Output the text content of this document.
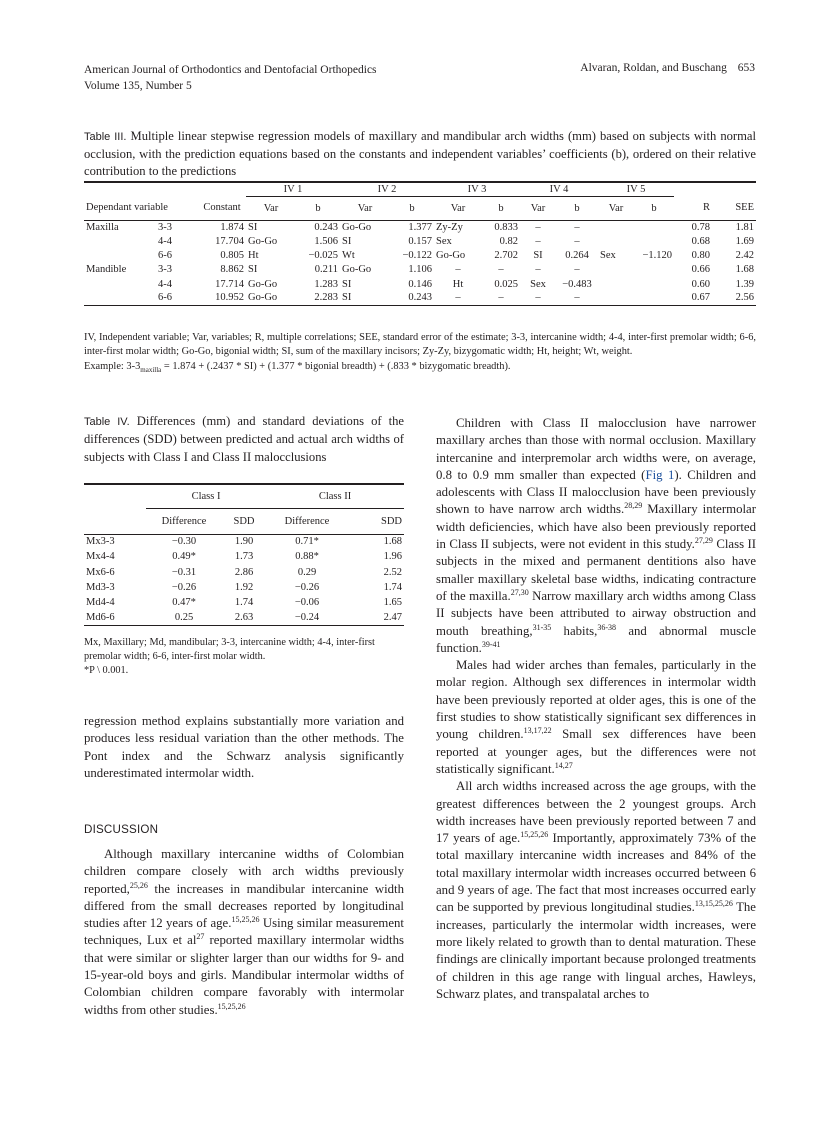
American Journal of Orthodontics and Dentofacial Orthopedics
Volume 135, Number 5
Alvaran, Roldan, and Buschang 653
Table III. Multiple linear stepwise regression models of maxillary and mandibular arch widths (mm) based on subjects with normal occlusion, with the prediction equations based on the constants and independent variables’ coefficients (b), ordered on their relative contribution to the predictions
			IV 1		IV 2		IV 3		IV 4		IV 5			
Dependant variable		Constant	Var	b	Var	b	Var	b	Var	b	Var	b	R	SEE
Maxilla	3-3	1.874	SI	0.243	Go-Go	1.377	Zy-Zy	0.833	–	–			0.78	1.81
	4-4	17.704	Go-Go	1.506	SI	0.157	Sex	0.82	–	–			0.68	1.69
	6-6	0.805	Ht	−0.025	Wt	−0.122	Go-Go	2.702	SI	0.264	Sex	−1.120	0.80	2.42
Mandible	3-3	8.862	SI	0.211	Go-Go	1.106	–	–	–	–			0.66	1.68
	4-4	17.714	Go-Go	1.283	SI	0.146	Ht	0.025	Sex	−0.483			0.60	1.39
	6-6	10.952	Go-Go	2.283	SI	0.243	–	–	–	–			0.67	2.56
IV, Independent variable; Var, variables; R, multiple correlations; SEE, standard error of the estimate; 3-3, intercanine width; 4-4, inter-first premolar width; 6-6, inter-first molar width; Go-Go, bigonial width; SI, sum of the maxillary incisors; Zy-Zy, bizygomatic width; Ht, height; Wt, weight.
Example: $3-3_{maxilla} = 1.874 + (.2437 * SI) + (1.377$ * bigonial breadth) + (.833 * bizygomatic breadth).
Table IV. Differences (mm) and standard deviations of the differences (SDD) between predicted and actual arch widths of subjects with Class I and Class II malocclusions
	Class I		Class II	
	Difference	SDD	Difference	SDD
Mx3-3	−0.30	1.90	0.71*	1.68
Mx4-4	0.49*	1.73	0.88*	1.96
Mx6-6	−0.31	2.86	0.29	2.52
Md3-3	−0.26	1.92	−0.26	1.74
Md4-4	0.47*	1.74	−0.06	1.65
Md6-6	0.25	2.63	−0.24	2.47
Mx, Maxillary; Md, mandibular; 3-3, intercanine width; 4-4, inter-first premolar width; 6-6, inter-first molar width.
*P \ 0.001.

regression method explains substantially more variation and produces less residual variation than the other methods. The Pont index and the Schwarz analysis significantly underestimated intermolar width.

DISCUSSION

Although maxillary intercanine widths of Colombian children compare closely with arch widths previously reported,$^{25,26}$ the increases in mandibular intercanine width differed from the small decreases reported by longitudinal studies after 12 years of age.$^{15,25,26}$ Using similar measurement techniques, Lux et $al^{27}$ reported maxillary intermolar widths that were similar or slighter larger than our widths for 9- and 15-year-old boys and girls. Mandibular intermolar widths of Colombian children compare favorably with intermolar widths from other studies.$^{15,25,26}$

Children with Class II malocclusion have narrower maxillary arches than those with normal occlusion. Maxillary intercanine and interpremolar arch widths were, on average, 0.8 to 0.9 mm smaller than expected (Fig 1). Children and adolescents with Class II malocclusion have been previously shown to have narrow arch widths.$^{28,29}$ Maxillary intermolar width deficiencies, which have also been previously reported in Class II subjects, were not evident in this study.$^{27,29}$ Class II subjects in the mixed and permanent dentitions also have smaller maxillary skeletal base widths, indicating contracture of the maxilla.$^{27,30}$ Narrow maxillary arch widths among Class II subjects have been attributed to airway obstruction and mouth breathing,$^{31-35}$ habits,$^{36-38}$ and abnormal muscle function.$^{39-41}$

Males had wider arches than females, particularly in the molar region. Although sex differences in intermolar width have been previously reported at older ages, this is one of the first studies to show statistically significant sex differences in young children.$^{13,17,22}$ Small sex differences have been reported at younger ages, but the differences were not statistically significant.$^{14,27}$

All arch widths increased across the age groups, with the greatest differences between the 2 youngest groups. Arch width increases have been previously reported between 7 and 17 years of age.$^{15,25,26}$ Importantly, approximately 73% of the total maxillary intercanine width increases and 84% of the total maxillary intermolar width increases occurred between 6 and 9 years of age. The fact that most increases occurred early can be supported by previous longitudinal studies.$^{13,15,25,26}$ The increases, particularly the intermolar width increases, were more likely related to growth than to dental maturation. These findings are clinically important because prolonged treatments of children in this age range with lingual arches, Hawleys, Schwarz plates, and transpalatal arches to
